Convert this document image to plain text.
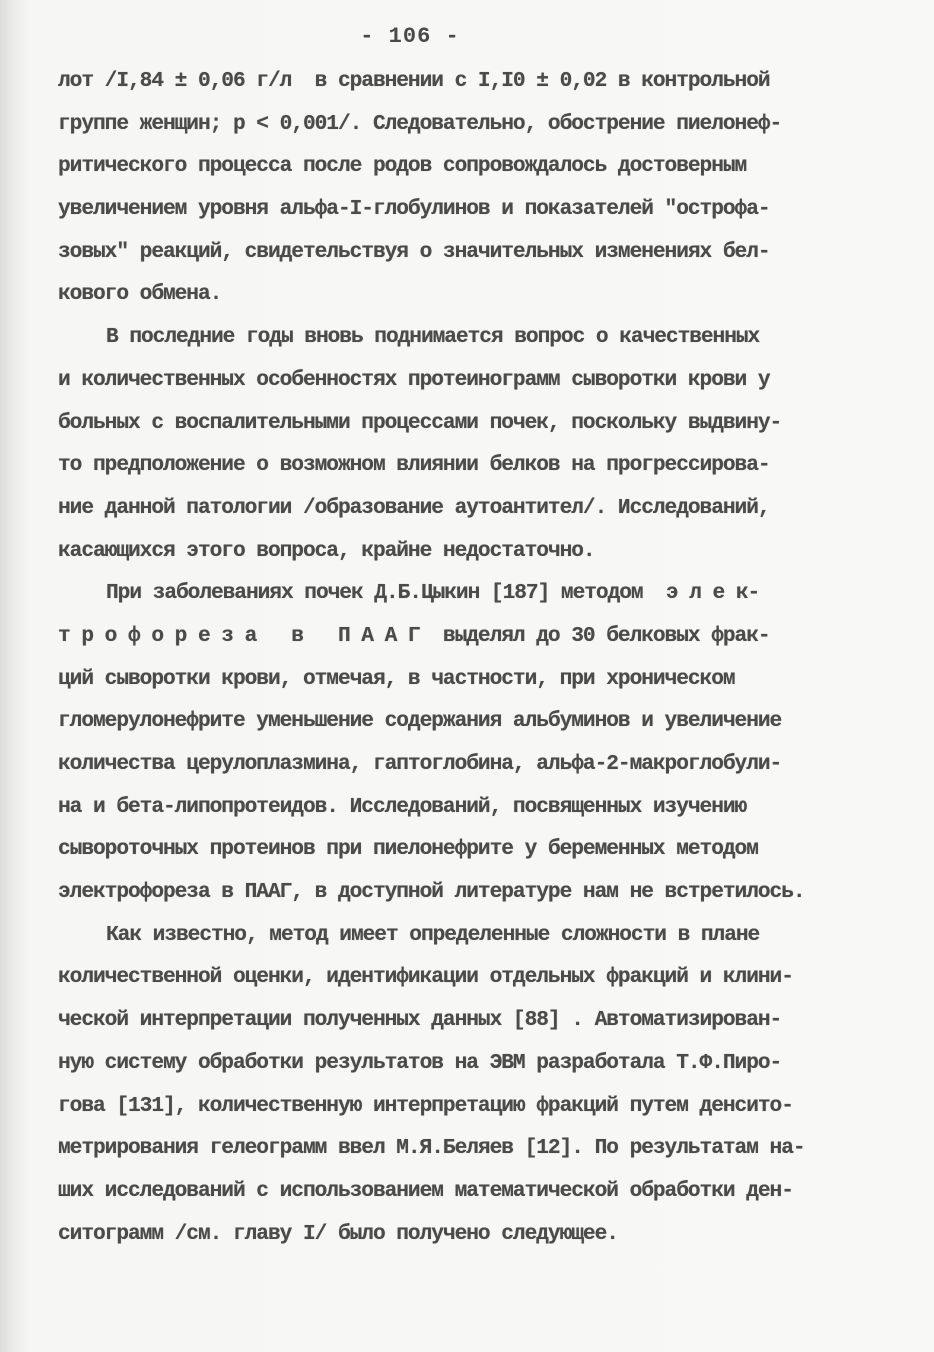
- 106 -
лот /I,84 ± 0,06 г/л  в сравнении с I,I0 ± 0,02 в контрольной
группе женщин; р < 0,001/. Следовательно, обострение пиелонеф-
ритического процесса после родов сопровождалось достоверным
увеличением уровня альфа-I-глобулинов и показателей "острофа-
зовых" реакций, свидетельствуя о значительных изменениях бел-
кового обмена.
В последние годы вновь поднимается вопрос о качественных
и количественных особенностях протеинограмм сыворотки крови у
больных с воспалительными процессами почек, поскольку выдвину-
то предположение о возможном влиянии белков на прогрессирова-
ние данной патологии /образование аутоантител/. Исследований,
касающихся этого вопроса, крайне недостаточно.
При заболеваниях почек Д.Б.Цыкин [187] методом  э л е к-
т р о ф о р е з а   в   П А А Г  выделял до 30 белковых фрак-
ций сыворотки крови, отмечая, в частности, при хроническом
гломерулонефрите уменьшение содержания альбуминов и увеличение
количества церулоплазмина, гаптоглобина, альфа-2-макроглобули-
на и бета-липопротеидов. Исследований, посвященных изучению
сывороточных протеинов при пиелонефрите у беременных методом
электрофореза в ПААГ, в доступной литературе нам не встретилось.
Как известно, метод имеет определенные сложности в плане
количественной оценки, идентификации отдельных фракций и клини-
ческой интерпретации полученных данных [88] . Автоматизирован-
ную систему обработки результатов на ЭВМ разработала Т.Ф.Пиро-
гова [131], количественную интерпретацию фракций путем денсито-
метрирования гелеограмм ввел М.Я.Беляев [12]. По результатам на-
ших исследований с использованием математической обработки ден-
ситограмм /см. главу I/ было получено следующее.
